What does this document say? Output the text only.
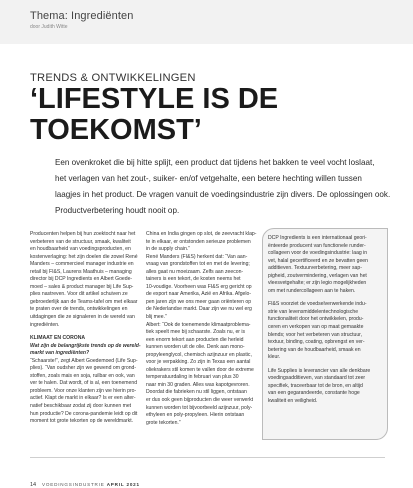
Thema: Ingrediënten
door Judith Witte
TRENDS & ONTWIKKELINGEN
‘LIFESTYLE IS DE
TOEKOMST’
Een ovenkroket die bij hitte splijt, een product dat tijdens het bakken te veel vocht loslaat,
het verlagen van het zout-, suiker- en/of vetgehalte, een betere hechting willen tussen
laagjes in het product. De vragen vanuit de voedingsindustrie zijn divers. De oplossingen ook.
Productverbetering houdt nooit op.
Producenten helpen bij hun zoektocht naar het
verbeteren van de structuur, smaak, kwaliteit
en houdbaarheid van voedingsproducten, en
kostenverlaging: het zijn doelen die zowel René
Manders – commercieel manager industrie en
retail bij FI&S, Laurens Maathuis – managing
director bij DCP Ingredients en Albert Goede-
moed – sales & product manager bij Life Sup-
plies nastreven. Voor dit artikel schuiven ze
gebroederlijk aan de Teams-tafel om met elkaar
te praten over de trends, ontwikkelingen en
uitdagingen die ze signaleren in de wereld van
ingrediënten.
KLIMAAT EN CORONA
Wat zijn de belangrijkste trends op de wereld-
markt van ingrediënten?
“Schaarste!”, zegt Albert Goedemoed (Life Sup-
plies). “Van oudsher zijn we gewend om grond-
stoffen, zoals mais en soja, ruilbar en ook, van
ver te halen. Dat wordt, of is al, een toenemend
probleem. Voor onze klanten zijn we hierin pro-
actief. Klapt de markt in elkaar? Is er een alter-
natief beschikbaar zodat zij door kunnen met
hun productie? De corona-pandemie leidt op dit
moment tot grote tekorten op de wereldmarkt.
China en India gingen op slot, de zeevracht klap-
te in elkaar, er ontstonden serieuze problemen
in de supply chain.”
René Manders (FI&S) herkent dat: “Van aan-
vraag van grondstoffen tot en met de levering;
alles gaat nu moeizaam. Zelfs aan zeecon-
tainers is een tekort, de kosten neems het
10-voudige. Voorheen was FI&S erg gericht op
de export naar Amerika, Azië en Afrika. Afgelo-
pen jaren zijn we ons meer gaan oriënteren op
de Nederlandse markt. Daar zijn we nu wel erg
blij mee.”
Albert: “Ook de toenemende klimaatproblema-
tiek speelt mee bij schaarste. Zoals nu, er is
een enorm tekort aan producten die herleid
kunnen worden uit de olie. Denk aan mono-
propyleenglycol, chemisch azijnzuur en plastic,
voor je verpakking. Zo zijn in Texas een aantal
oliekrakers stil komen te vallen door de extreme
temperatuurdaling in februari van plus 30
naar min 30 graden. Alles was kapotgevroren.
Doordat die fabrieken nu stil liggen, ontstaan
er dus ook geen bijproducten die weer verwerkt
kunnen worden tot bijvoorbeeld azijnzuur, poly-
ethyleen en poly-propyleen. Hierin ontstaan
grote tekorten.”
DCP Ingredients is een internationaal geori-
ënteerde producent van functionele runder-
collageen voor de voedingsindustrie: laag in
vet, halal gecertificeerd en ze bevatten geen
additieven. Textuurverbetering, meer sap-
pigheid, zoutvermindering, verlagen van het
vleesvetgehalte; er zijn legio mogelijkheden
om met rundercollageen aan te haken.
FI&S voorziet de voedselverwerkende indu-
strie van levensmiddelentechnologische
functionaliteit door het ontwikkelen, produ-
ceren en verkopen van op maat gemaakte
blends; voor het verbeteren van structuur,
textuur, binding, coating, opbrengst en ver-
betering van de houdbaarheid, smaak en
kleur.
Life Supplies is leverancier van alle denkbare
voedingsadditieven, van standaard tot zeer
specifiek, traceerbaar tot de bron, en altijd
van een gegarandeerde, constante hoge
kwaliteit en veiligheid.
14 VOEDINGSINDUSTRIE APRIL 2021
